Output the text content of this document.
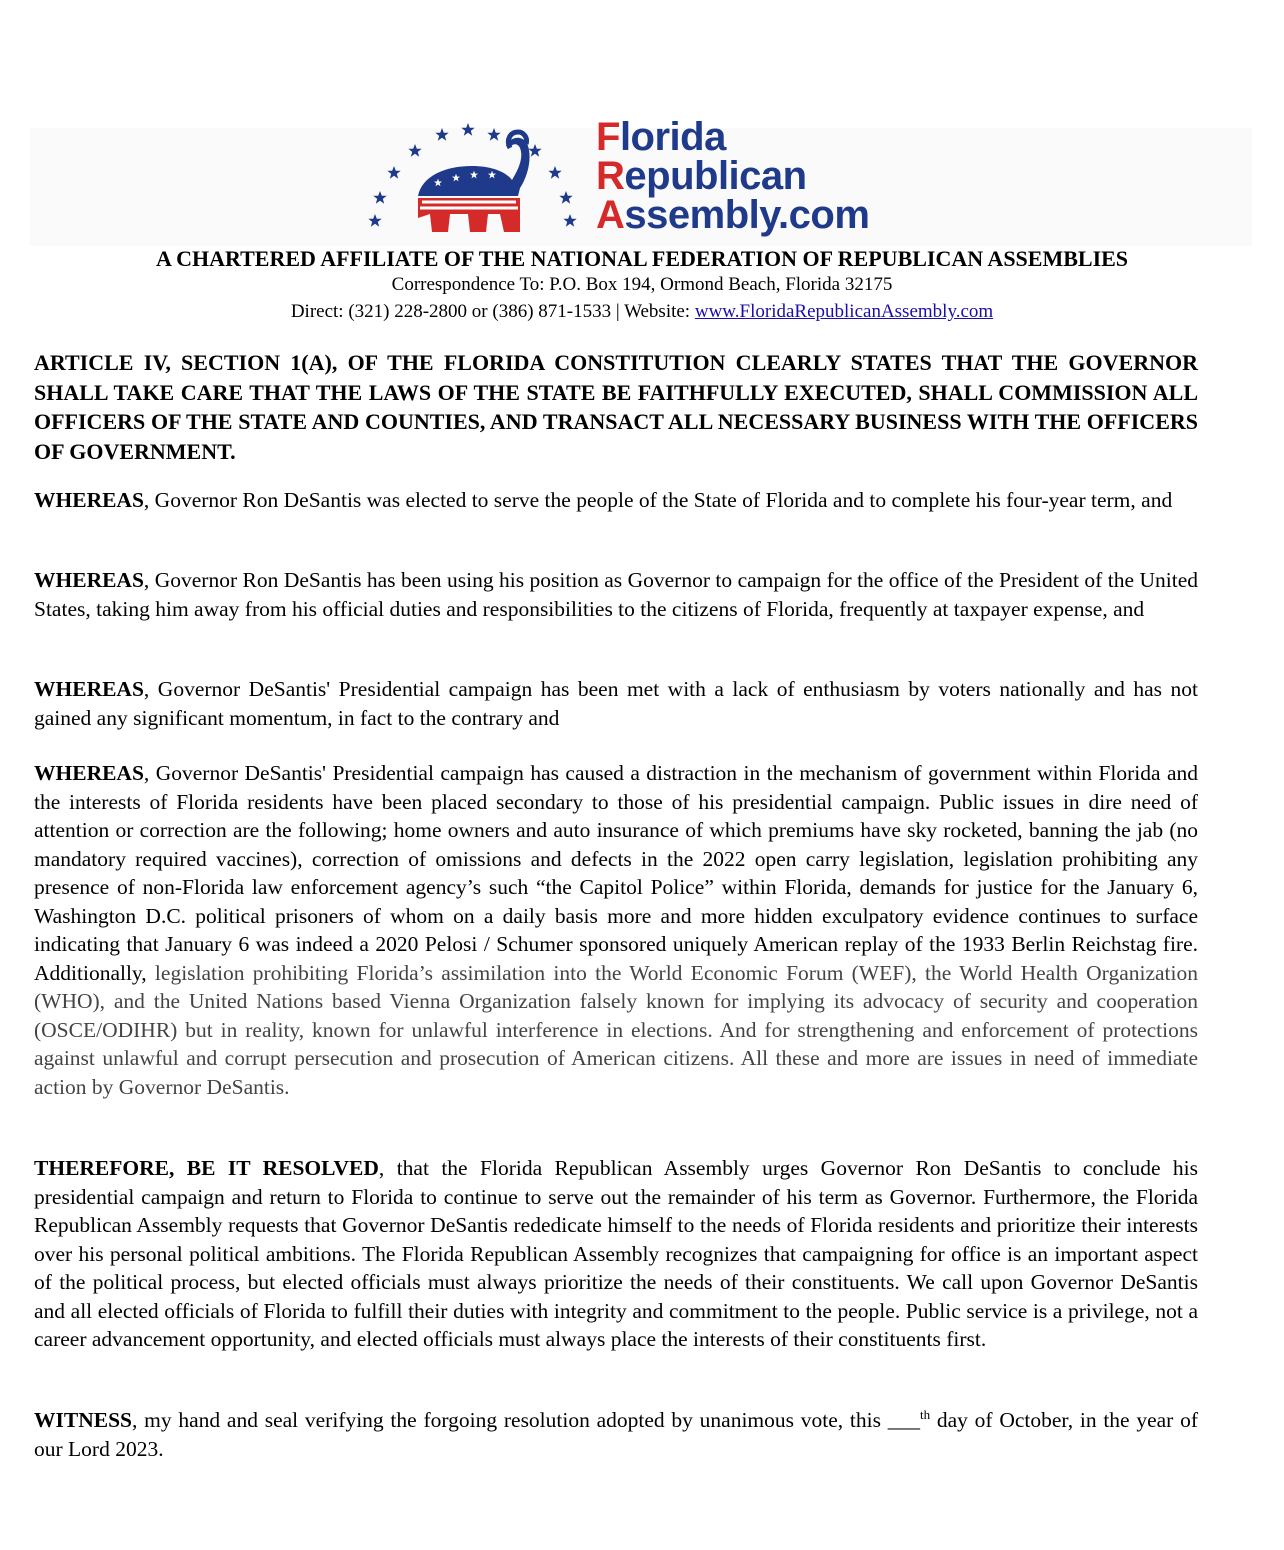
Florida
Republican
Assembly.com
A CHARTERED AFFILIATE OF THE NATIONAL FEDERATION OF REPUBLICAN ASSEMBLIES
Correspondence To: P.O. Box 194, Ormond Beach, Florida 32175
Direct: (321) 228-2800 or (386) 871-1533 | Website: www.FloridaRepublicanAssembly.com
ARTICLE IV, SECTION 1(A), OF THE FLORIDA CONSTITUTION CLEARLY STATES THAT THE GOVERNOR SHALL TAKE CARE THAT THE LAWS OF THE STATE BE FAITHFULLY EXECUTED, SHALL COMMISSION ALL OFFICERS OF THE STATE AND COUNTIES, AND TRANSACT ALL NECESSARY BUSINESS WITH THE OFFICERS OF GOVERNMENT.

WHEREAS, Governor Ron DeSantis was elected to serve the people of the State of Florida and to complete his four-year term, and

WHEREAS, Governor Ron DeSantis has been using his position as Governor to campaign for the office of the President of the United States, taking him away from his official duties and responsibilities to the citizens of Florida, frequently at taxpayer expense, and

WHEREAS, Governor DeSantis' Presidential campaign has been met with a lack of enthusiasm by voters nationally and has not gained any significant momentum, in fact to the contrary and

WHEREAS, Governor DeSantis' Presidential campaign has caused a distraction in the mechanism of government within Florida and the interests of Florida residents have been placed secondary to those of his presidential campaign. Public issues in dire need of attention or correction are the following; home owners and auto insurance of which premiums have sky rocketed, banning the jab (no mandatory required vaccines), correction of omissions and defects in the 2022 open carry legislation, legislation prohibiting any presence of non-Florida law enforcement agency’s such “the Capitol Police” within Florida, demands for justice for the January 6, Washington D.C. political prisoners of whom on a daily basis more and more hidden exculpatory evidence continues to surface indicating that January 6 was indeed a 2020 Pelosi / Schumer sponsored uniquely American replay of the 1933 Berlin Reichstag fire. Additionally, legislation prohibiting Florida’s assimilation into the World Economic Forum (WEF), the World Health Organization (WHO), and the United Nations based Vienna Organization falsely known for implying its advocacy of security and cooperation (OSCE/ODIHR) but in reality, known for unlawful interference in elections. And for strengthening and enforcement of protections against unlawful and corrupt persecution and prosecution of American citizens. All these and more are issues in need of immediate action by Governor DeSantis.

THEREFORE, BE IT RESOLVED, that the Florida Republican Assembly urges Governor Ron DeSantis to conclude his presidential campaign and return to Florida to continue to serve out the remainder of his term as Governor. Furthermore, the Florida Republican Assembly requests that Governor DeSantis rededicate himself to the needs of Florida residents and prioritize their interests over his personal political ambitions. The Florida Republican Assembly recognizes that campaigning for office is an important aspect of the political process, but elected officials must always prioritize the needs of their constituents. We call upon Governor DeSantis and all elected officials of Florida to fulfill their duties with integrity and commitment to the people. Public service is a privilege, not a career advancement opportunity, and elected officials must always place the interests of their constituents first.

WITNESS, my hand and seal verifying the forgoing resolution adopted by unanimous vote, this ___$^{th}$ day of October, in the year of our Lord 2023.
